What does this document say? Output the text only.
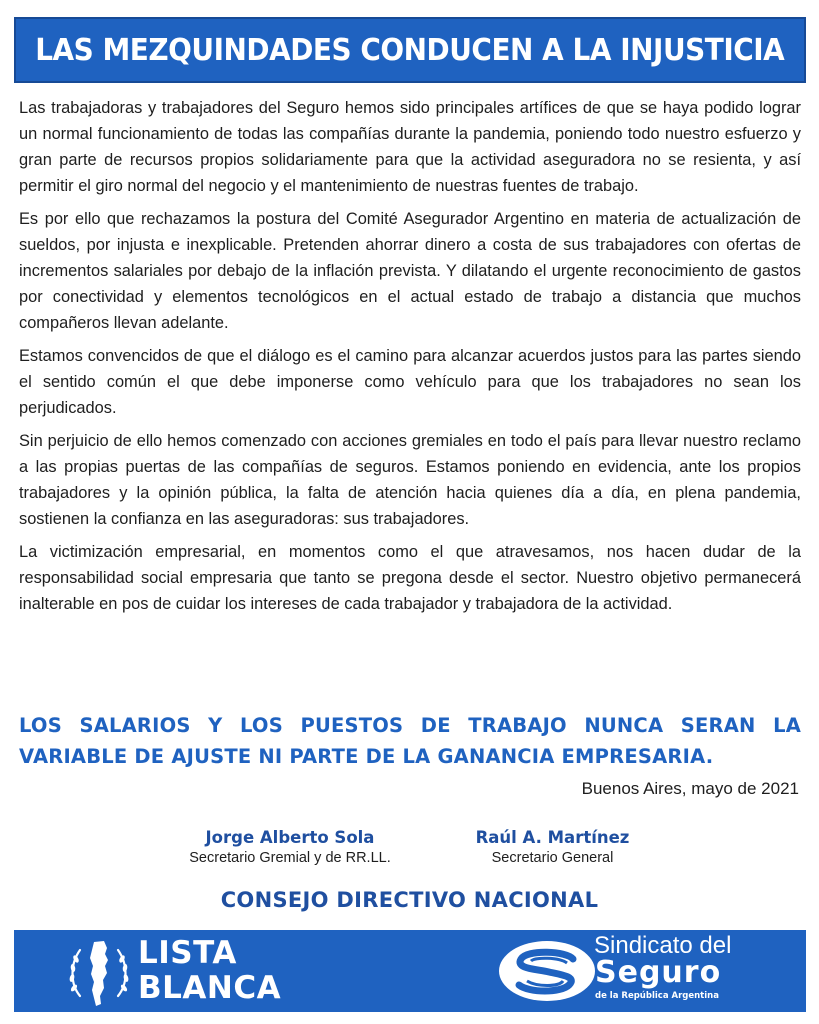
LAS MEZQUINDADES CONDUCEN A LA INJUSTICIA

Las trabajadoras y trabajadores del Seguro hemos sido principales artífices de que se haya podido lograr un normal funcionamiento de todas las compañías durante la pandemia, poniendo todo nuestro esfuerzo y gran parte de recursos propios solidariamente para que la actividad aseguradora no se resienta, y así permitir el giro normal del negocio y el mantenimiento de nuestras fuentes de trabajo.

Es por ello que rechazamos la postura del Comité Asegurador Argentino en materia de actualización de sueldos, por injusta e inexplicable. Pretenden ahorrar dinero a costa de sus trabajadores con ofertas de incrementos salariales por debajo de la inflación prevista. Y dilatando el urgente reconocimiento de gastos por conectividad y elementos tecnológicos en el actual estado de trabajo a distancia que muchos compañeros llevan adelante.

Estamos convencidos de que el diálogo es el camino para alcanzar acuerdos justos para las partes siendo el sentido común el que debe imponerse como vehículo para que los trabajadores no sean los perjudicados.

Sin perjuicio de ello hemos comenzado con acciones gremiales en todo el país para llevar nuestro reclamo a las propias puertas de las compañías de seguros. Estamos poniendo en evidencia, ante los propios trabajadores y la opinión pública, la falta de atención hacia quienes día a día, en plena pandemia, sostienen la confianza en las aseguradoras: sus trabajadores.

La victimización empresarial, en momentos como el que atravesamos, nos hacen dudar de la responsabilidad social empresaria que tanto se pregona desde el sector. Nuestro objetivo permanecerá inalterable en pos de cuidar los intereses de cada trabajador y trabajadora de la actividad.

LOS SALARIOS Y LOS PUESTOS DE TRABAJO NUNCA SERAN LA VARIABLE DE AJUSTE NI PARTE DE LA GANANCIA EMPRESARIA.
Buenos Aires, mayo de 2021
Jorge Alberto Sola
Secretario Gremial y de RR.LL.
Raúl A. Martínez
Secretario General
CONSEJO DIRECTIVO NACIONAL
LISTA
BLANCA
Sindicato del
Seguro
de la República Argentina
